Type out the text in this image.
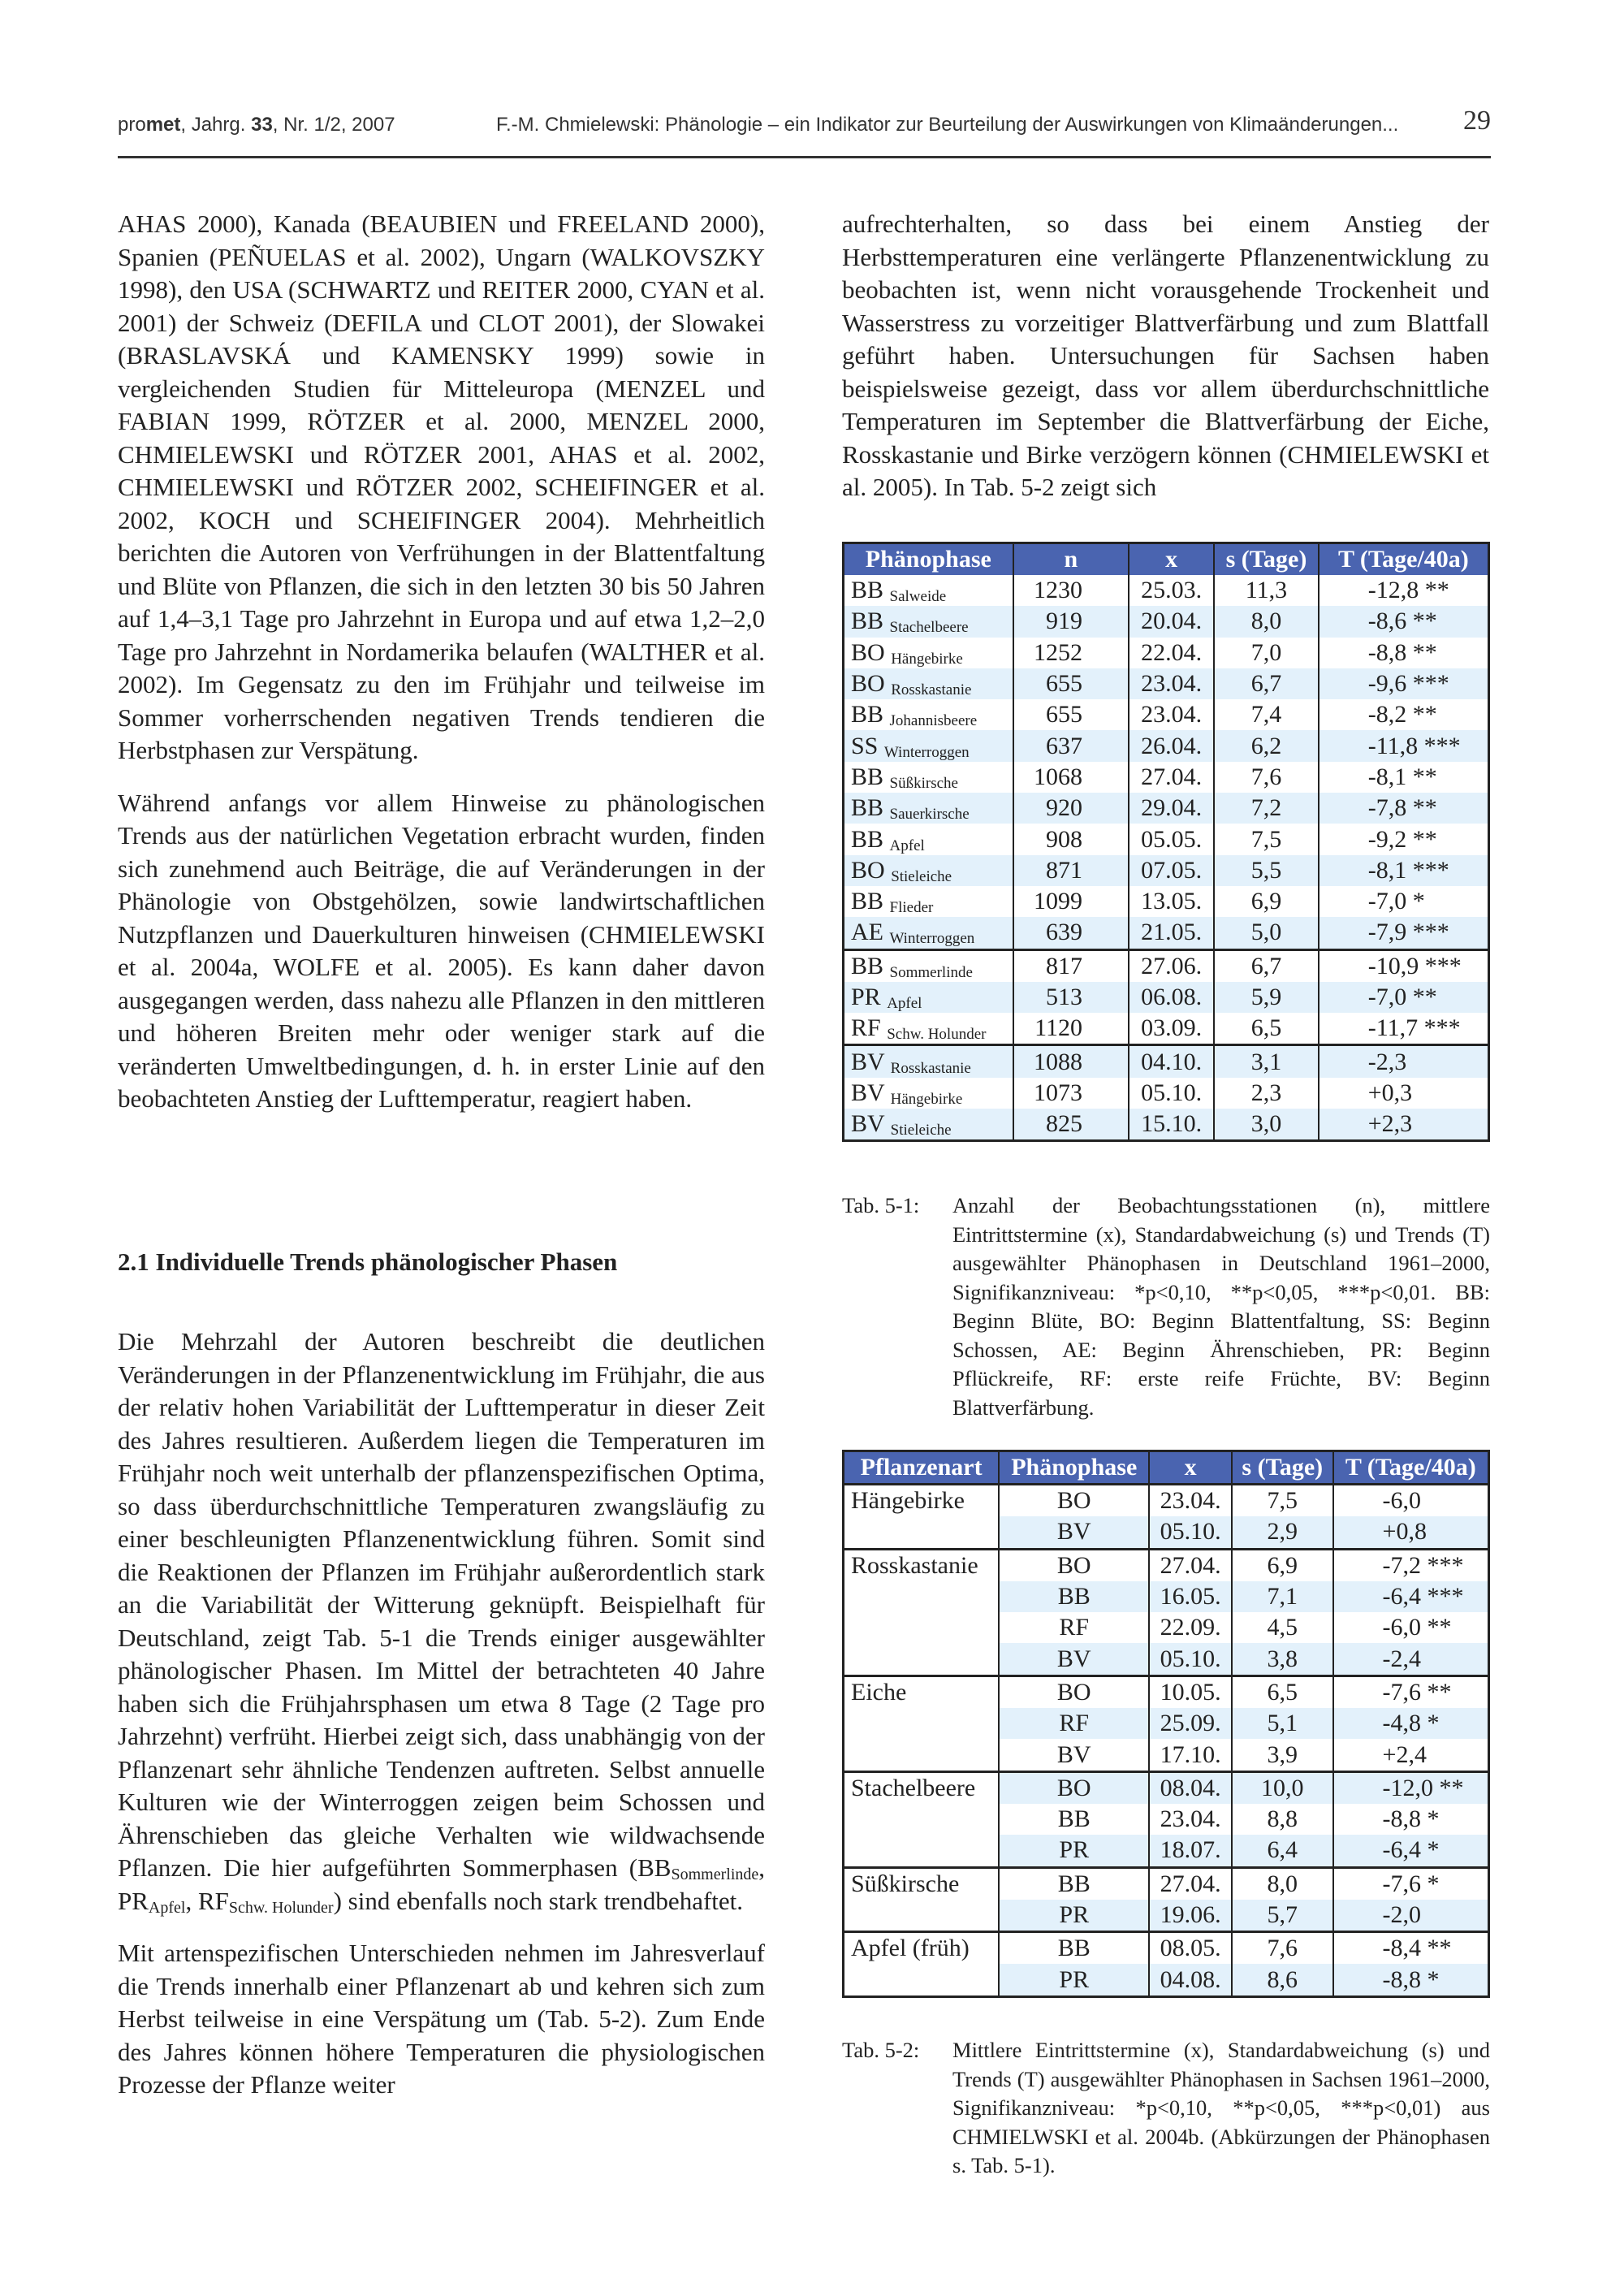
promet, Jahrg. 33, Nr. 1/2, 2007	F.-M. Chmielewski: Phänologie – ein Indikator zur Beurteilung der Auswirkungen von Klimaänderungen... 29

AHAS 2000), Kanada (BEAUBIEN und FREELAND 2000), Spanien (PEÑUELAS et al. 2002), Ungarn (WALKOVSZKY 1998), den USA (SCHWARTZ und REITER 2000, CYAN et al. 2001) der Schweiz (DEFILA und CLOT 2001), der Slowakei (BRASLAVSKÁ und KAMENSKY 1999) sowie in vergleichenden Studien für Mitteleuropa (MENZEL und FABIAN 1999, RÖTZER et al. 2000, MENZEL 2000, CHMIELEWSKI und RÖTZER 2001, AHAS et al. 2002, CHMIELEWSKI und RÖTZER 2002, SCHEIFINGER et al. 2002, KOCH und SCHEIFINGER 2004). Mehrheitlich berichten die Autoren von Verfrühungen in der Blattentfaltung und Blüte von Pflanzen, die sich in den letzten 30 bis 50 Jahren auf 1,4–3,1 Tage pro Jahrzehnt in Europa und auf etwa 1,2–2,0 Tage pro Jahrzehnt in Nordamerika belaufen (WALTHER et al. 2002). Im Gegensatz zu den im Frühjahr und teilweise im Sommer vorherrschenden negativen Trends tendieren die Herbstphasen zur Verspätung.

Während anfangs vor allem Hinweise zu phänologischen Trends aus der natürlichen Vegetation erbracht wurden, finden sich zunehmend auch Beiträge, die auf Veränderungen in der Phänologie von Obstgehölzen, sowie landwirtschaftlichen Nutzpflanzen und Dauerkulturen hinweisen (CHMIELEWSKI et al. 2004a, WOLFE et al. 2005). Es kann daher davon ausgegangen werden, dass nahezu alle Pflanzen in den mittleren und höheren Breiten mehr oder weniger stark auf die veränderten Umweltbedingungen, d. h. in erster Linie auf den beobachteten Anstieg der Lufttemperatur, reagiert haben.

2.1 Individuelle Trends phänologischer Phasen

Die Mehrzahl der Autoren beschreibt die deutlichen Veränderungen in der Pflanzenentwicklung im Frühjahr, die aus der relativ hohen Variabilität der Lufttemperatur in dieser Zeit des Jahres resultieren. Außerdem liegen die Temperaturen im Frühjahr noch weit unterhalb der pflanzenspezifischen Optima, so dass überdurchschnittliche Temperaturen zwangsläufig zu einer beschleunigten Pflanzenentwicklung führen. Somit sind die Reaktionen der Pflanzen im Frühjahr außerordentlich stark an die Variabilität der Witterung geknüpft. Beispielhaft für Deutschland, zeigt Tab. 5-1 die Trends einiger ausgewählter phänologischer Phasen. Im Mittel der betrachteten 40 Jahre haben sich die Frühjahrsphasen um etwa 8 Tage (2 Tage pro Jahrzehnt) verfrüht. Hierbei zeigt sich, dass unabhängig von der Pflanzenart sehr ähnliche Tendenzen auftreten. Selbst annuelle Kulturen wie der Winterroggen zeigen beim Schossen und Ährenschieben das gleiche Verhalten wie wildwachsende Pflanzen. Die hier aufgeführten Sommerphasen ($BB_{Sommerlinde}$, $PR_{Apfel}$, $RF_{Schw. Holunder}$) sind ebenfalls noch stark trendbehaftet.

Mit artenspezifischen Unterschieden nehmen im Jahresverlauf die Trends innerhalb einer Pflanzenart ab und kehren sich zum Herbst teilweise in eine Verspätung um (Tab. 5-2). Zum Ende des Jahres können höhere Temperaturen die physiologischen Prozesse der Pflanze weiter

aufrechterhalten, so dass bei einem Anstieg der Herbsttemperaturen eine verlängerte Pflanzenentwicklung zu beobachten ist, wenn nicht vorausgehende Trockenheit und Wasserstress zu vorzeitiger Blattverfärbung und zum Blattfall geführt haben. Untersuchungen für Sachsen haben beispielsweise gezeigt, dass vor allem überdurchschnittliche Temperaturen im September die Blattverfärbung der Eiche, Rosskastanie und Birke verzögern können (CHMIELEWSKI et al. 2005). In Tab. 5-2 zeigt sich

Phänophase	n	x	s (Tage)	T (Tage/40a)
BB $_{Salweide}$	1230	25.03.	11,3	-12,8 **
BB $_{Stachelbeere}$	919	20.04.	8,0	-8,6 **
BO $_{Hängebirke}$	1252	22.04.	7,0	-8,8 **
BO $_{Rosskastanie}$	655	23.04.	6,7	-9,6 ***
BB $_{Johannisbeere}$	655	23.04.	7,4	-8,2 **
SS $_{Winterroggen}$	637	26.04.	6,2	-11,8 ***
BB $_{Süßkirsche}$	1068	27.04.	7,6	-8,1 **
BB $_{Sauerkirsche}$	920	29.04.	7,2	-7,8 **
BB $_{Apfel}$	908	05.05.	7,5	-9,2 **
BO $_{Stieleiche}$	871	07.05.	5,5	-8,1 ***
BB $_{Flieder}$	1099	13.05.	6,9	-7,0 *
AE $_{Winterroggen}$	639	21.05.	5,0	-7,9 ***
BB $_{Sommerlinde}$	817	27.06.	6,7	-10,9 ***
PR $_{Apfel}$	513	06.08.	5,9	-7,0 **
RF $_{Schw. Holunder}$	1120	03.09.	6,5	-11,7 ***
BV $_{Rosskastanie}$	1088	04.10.	3,1	-2,3
BV $_{Hängebirke}$	1073	05.10.	2,3	+0,3
BV $_{Stieleiche}$	825	15.10.	3,0	+2,3
Tab. 5-1: Anzahl der Beobachtungsstationen (n), mittlere Eintrittstermine (x), Standardabweichung (s) und Trends (T) ausgewählter Phänophasen in Deutschland 1961–2000, Signifikanzniveau: *p<0,10, **p<0,05, ***p<0,01. BB: Beginn Blüte, BO: Beginn Blattentfaltung, SS: Beginn Schossen, AE: Beginn Ährenschieben, PR: Beginn Pflückreife, RF: erste reife Früchte, BV: Beginn Blattverfärbung.
Pflanzenart	Phänophase	x	s (Tage)	T (Tage/40a)
Hängebirke	BO	23.04.	7,5	-6,0
	BV	05.10.	2,9	+0,8
Rosskastanie	BO	27.04.	6,9	-7,2 ***
	BB	16.05.	7,1	-6,4 ***
	RF	22.09.	4,5	-6,0 **
	BV	05.10.	3,8	-2,4
Eiche	BO	10.05.	6,5	-7,6 **
	RF	25.09.	5,1	-4,8 *
	BV	17.10.	3,9	+2,4
Stachelbeere	BO	08.04.	10,0	-12,0 **
	BB	23.04.	8,8	-8,8 *
	PR	18.07.	6,4	-6,4 *
Süßkirsche	BB	27.04.	8,0	-7,6 *
	PR	19.06.	5,7	-2,0
Apfel (früh)	BB	08.05.	7,6	-8,4 **
	PR	04.08.	8,6	-8,8 *
Tab. 5-2: Mittlere Eintrittstermine (x), Standardabweichung (s) und Trends (T) ausgewählter Phänophasen in Sachsen 1961–2000, Signifikanzniveau: *p<0,10, **p<0,05, ***p<0,01) aus CHMIELWSKI et al. 2004b. (Abkürzungen der Phänophasen s. Tab. 5-1).
